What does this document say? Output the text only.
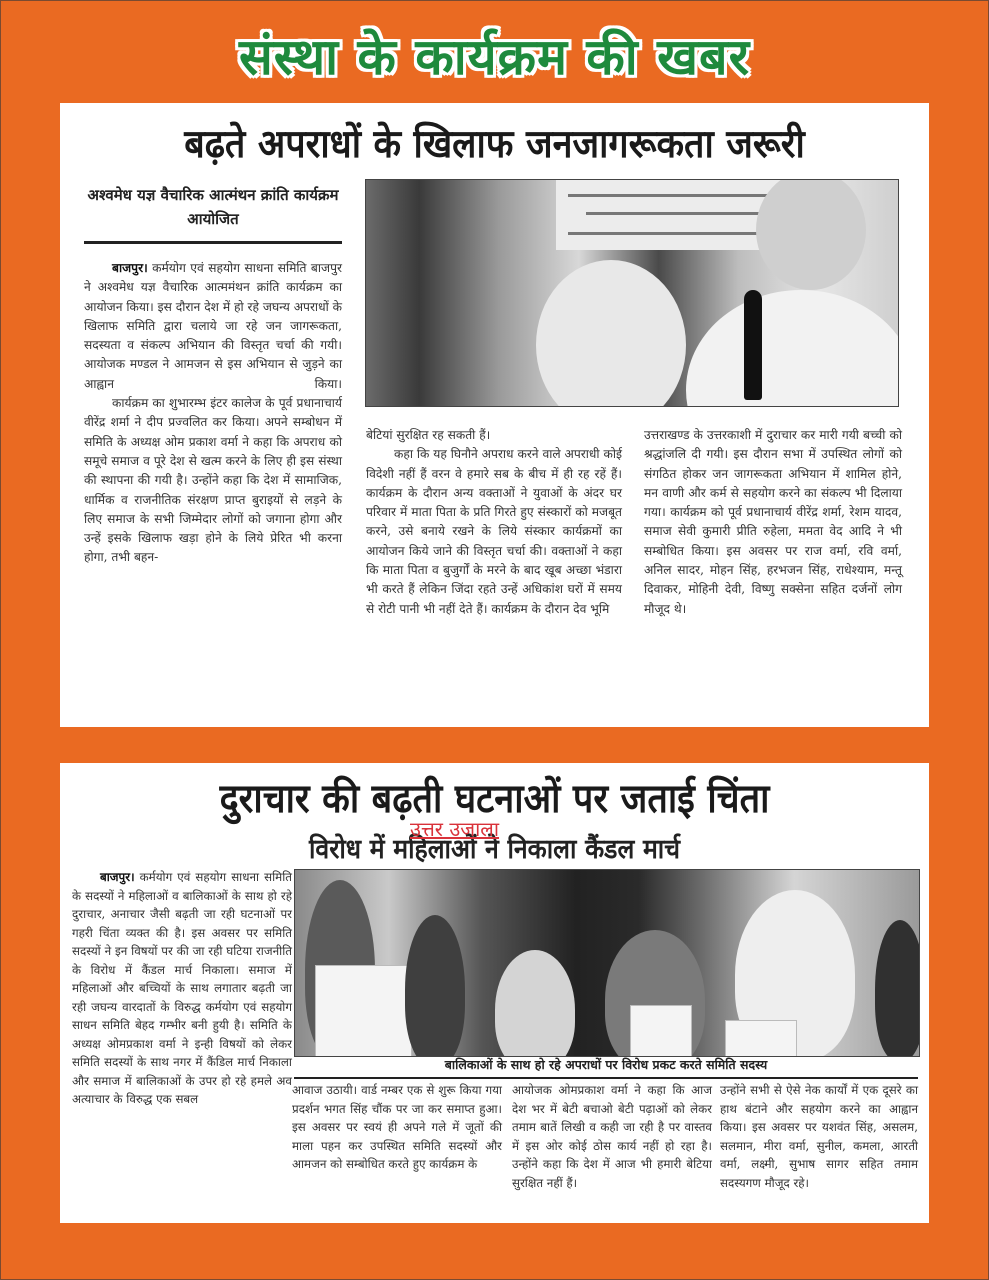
संस्था के कार्यक्रम की खबर
बढ़ते अपराधों के खिलाफ जनजागरूकता जरूरी
अश्वमेध यज्ञ वैचारिक आत्मंथन क्रांति कार्यक्रम आयोजित

बाजपुर। कर्मयोग एवं सहयोग साधना समिति बाजपुर ने अश्वमेध यज्ञ वैचारिक आत्ममंथन क्रांति कार्यक्रम का आयोजन किया। इस दौरान देश में हो रहे जघन्य अपराधों के खिलाफ समिति द्वारा चलाये जा रहे जन जागरूकता, सदस्यता व संकल्प अभियान की विस्तृत चर्चा की गयी। आयोजक मण्डल ने आमजन से इस अभियान से जुड़ने का आह्वान किया।

कार्यक्रम का शुभारम्भ इंटर कालेज के पूर्व प्रधानाचार्य वीरेंद्र शर्मा ने दीप प्रज्वलित कर किया। अपने सम्बोधन में समिति के अध्यक्ष ओम प्रकाश वर्मा ने कहा कि अपराध को समूचे समाज व पूरे देश से खत्म करने के लिए ही इस संस्था की स्थापना की गयी है। उन्होंने कहा कि देश में सामाजिक, धार्मिक व राजनीतिक संरक्षण प्राप्त बुराइयों से लड़ने के लिए समाज के सभी जिम्मेदार लोगों को जगाना होगा और उन्हें इसके खिलाफ खड़ा होने के लिये प्रेरित भी करना होगा, तभी बहन-

बेटियां सुरक्षित रह सकती हैं।

कहा कि यह घिनौने अपराध करने वाले अपराधी कोई विदेशी नहीं हैं वरन वे हमारे सब के बीच में ही रह रहें हैं। कार्यक्रम के दौरान अन्य वक्ताओं ने युवाओं के अंदर घर परिवार में माता पिता के प्रति गिरते हुए संस्कारों को मजबूत करने, उसे बनाये रखने के लिये संस्कार कार्यक्रमों का आयोजन किये जाने की विस्तृत चर्चा की। वक्ताओं ने कहा कि माता पिता व बुजुर्गों के मरने के बाद खूब अच्छा भंडारा भी करते हैं लेकिन जिंदा रहते उन्हें अधिकांश घरों में समय से रोटी पानी भी नहीं देते हैं। कार्यक्रम के दौरान देव भूमि

उत्तराखण्ड के उत्तरकाशी में दुराचार कर मारी गयी बच्ची को श्रद्धांजलि दी गयी। इस दौरान सभा में उपस्थित लोगों को संगठित होकर जन जागरूकता अभियान में शामिल होने, मन वाणी और कर्म से सहयोग करने का संकल्प भी दिलाया गया। कार्यक्रम को पूर्व प्रधानाचार्य वीरेंद्र शर्मा, रेशम यादव, समाज सेवी कुमारी प्रीति रुहेला, ममता वेद आदि ने भी सम्बोधित किया। इस अवसर पर राज वर्मा, रवि वर्मा, अनिल सादर, मोहन सिंह, हरभजन सिंह, राधेश्याम, मन्तू दिवाकर, मोहिनी देवी, विष्णु सक्सेना सहित दर्जनों लोग मौजूद थे।

दुराचार की बढ़ती घटनाओं पर जताई चिंता
विरोध में महिलाओं ने निकाला कैंडल मार्च
उत्तर उजाला

बाजपुर। कर्मयोग एवं सहयोग साधना समिति के सदस्यों ने महिलाओं व बालिकाओं के साथ हो रहे दुराचार, अनाचार जैसी बढ़ती जा रही घटनाओं पर गहरी चिंता व्यक्त की है। इस अवसर पर समिति सदस्यों ने इन विषयों पर की जा रही घटिया राजनीति के विरोध में कैंडल मार्च निकाला। समाज में महिलाओं और बच्चियों के साथ लगातार बढ़ती जा रही जघन्य वारदातों के विरुद्ध कर्मयोग एवं सहयोग साधन समिति बेहद गम्भीर बनी हुयी है। समिति के अध्यक्ष ओमप्रकाश वर्मा ने इन्ही विषयों को लेकर समिति सदस्यों के साथ नगर में कैंडिल मार्च निकाला और समाज में बालिकाओं के उपर हो रहे हमले अव अत्याचार के विरुद्ध एक सबल

बालिकाओं के साथ हो रहे अपराधों पर विरोध प्रकट करते समिति सदस्य

आवाज उठायी। वार्ड नम्बर एक से शुरू किया गया प्रदर्शन भगत सिंह चौंक पर जा कर समाप्त हुआ। इस अवसर पर स्वयं ही अपने गले में जूतों की माला पहन कर उपस्थित समिति सदस्यों और आमजन को सम्बोधित करते हुए कार्यक्रम के

आयोजक ओमप्रकाश वर्मा ने कहा कि आज देश भर में बेटी बचाओ बेटी पढ़ाओं को लेकर तमाम बातें लिखी व कही जा रही है पर वास्तव में इस ओर कोई ठोस कार्य नहीं हो रहा है। उन्होंने कहा कि देश में आज भी हमारी बेटिया सुरक्षित नहीं हैं।

उन्होंने सभी से ऐसे नेक कार्यों में एक दूसरे का हाथ बंटाने और सहयोग करने का आह्वान किया। इस अवसर पर यशवंत सिंह, असलम, सलमान, मीरा वर्मा, सुनील, कमला, आरती वर्मा, लक्ष्मी, सुभाष सागर सहित तमाम सदस्यगण मौजूद रहे।
